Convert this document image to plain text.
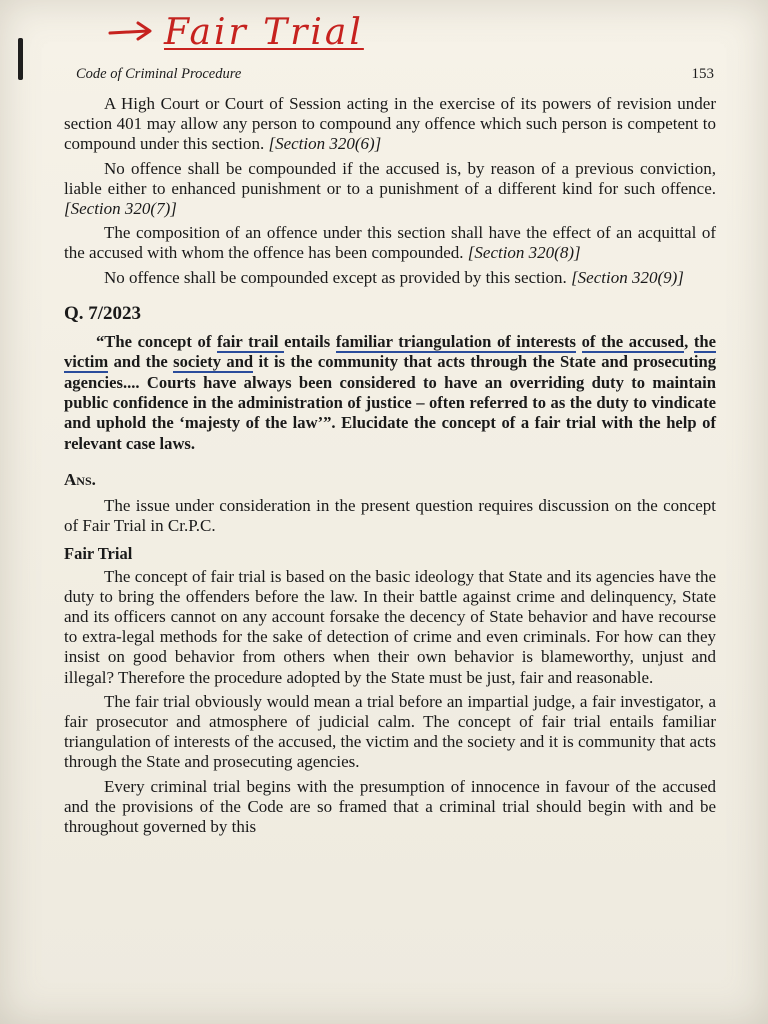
Fair Trial
Code of Criminal Procedure	153

A High Court or Court of Session acting in the exercise of its powers of revision under section 401 may allow any person to compound any offence which such person is competent to compound under this section. [Section 320(6)]

No offence shall be compounded if the accused is, by reason of a previous conviction, liable either to enhanced punishment or to a punishment of a different kind for such offence. [Section 320(7)]

The composition of an offence under this section shall have the effect of an acquittal of the accused with whom the offence has been compounded. [Section 320(8)]

No offence shall be compounded except as provided by this section. [Section 320(9)]

Q. 7/2023

“The concept of fair trail entails familiar triangulation of interests of the accused, the victim and the society and it is the community that acts through the State and prosecuting agencies.... Courts have always been considered to have an overriding duty to maintain public confidence in the administration of justice – often referred to as the duty to vindicate and uphold the ‘majesty of the law’”. Elucidate the concept of a fair trial with the help of relevant case laws.

Ans.

The issue under consideration in the present question requires discussion on the concept of Fair Trial in Cr.P.C.

Fair Trial

The concept of fair trial is based on the basic ideology that State and its agencies have the duty to bring the offenders before the law. In their battle against crime and delinquency, State and its officers cannot on any account forsake the decency of State behavior and have recourse to extra-legal methods for the sake of detection of crime and even criminals. For how can they insist on good behavior from others when their own behavior is blameworthy, unjust and illegal? Therefore the procedure adopted by the State must be just, fair and reasonable.

The fair trial obviously would mean a trial before an impartial judge, a fair investigator, a fair prosecutor and atmosphere of judicial calm. The concept of fair trial entails familiar triangulation of interests of the accused, the victim and the society and it is community that acts through the State and prosecuting agencies.

Every criminal trial begins with the presumption of innocence in favour of the accused and the provisions of the Code are so framed that a criminal trial should begin with and be throughout governed by this
